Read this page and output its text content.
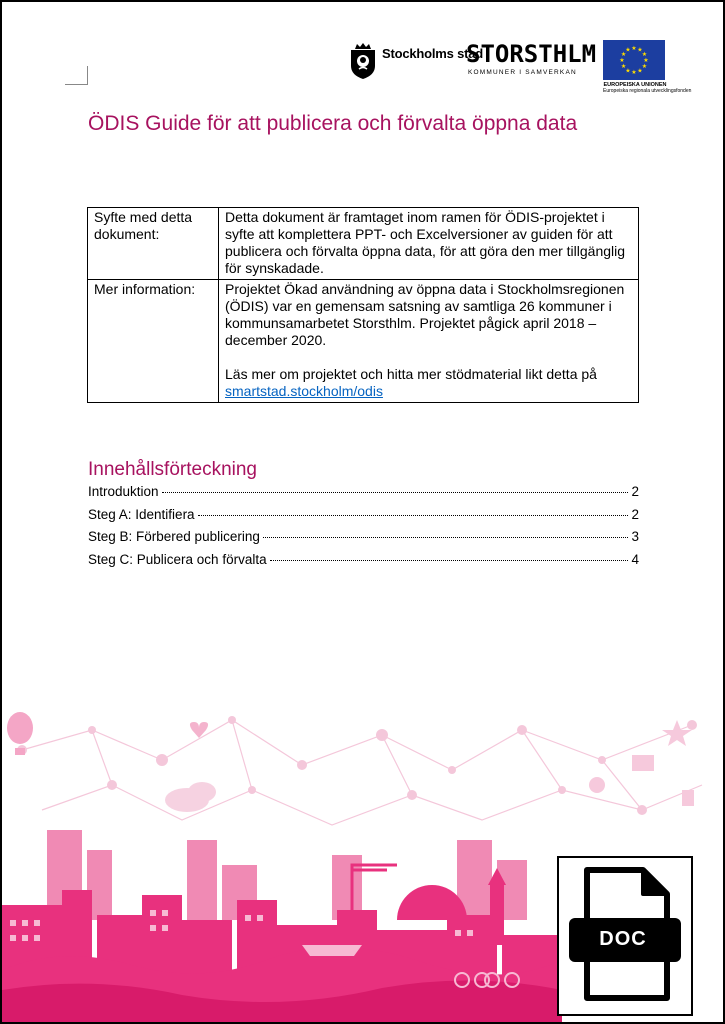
Stockholms stad
STORSTHLM
KOMMUNER I SAMVERKAN
★ ★
★
★
★
★
★
★
★
★
★
★
EUROPEISKA UNIONEN
Europeiska regionala utvecklingsfonden
ÖDIS Guide för att publicera och förvalta öppna data
Syfte med detta dokument:	Detta dokument är framtaget inom ramen för ÖDIS-projektet i syfte att komplettera PPT- och Excelversioner av guiden för att publicera och förvalta öppna data, för att göra den mer tillgänglig för synskadade.
Mer information:	Projektet Ökad användning av öppna data i Stockholmsregionen (ÖDIS) var en gemensam satsning av samtliga 26 kommuner i kommunsamarbetet Storsthlm. Projektet pågick april 2018 – december 2020.
Läs mer om projektet och hitta mer stödmaterial likt detta på
smartstad.stockholm/odis
Innehållsförteckning
Introduktion	2
Steg A: Identifiera	2
Steg B: Förbered publicering	3
Steg C: Publicera och förvalta	4
DOC
